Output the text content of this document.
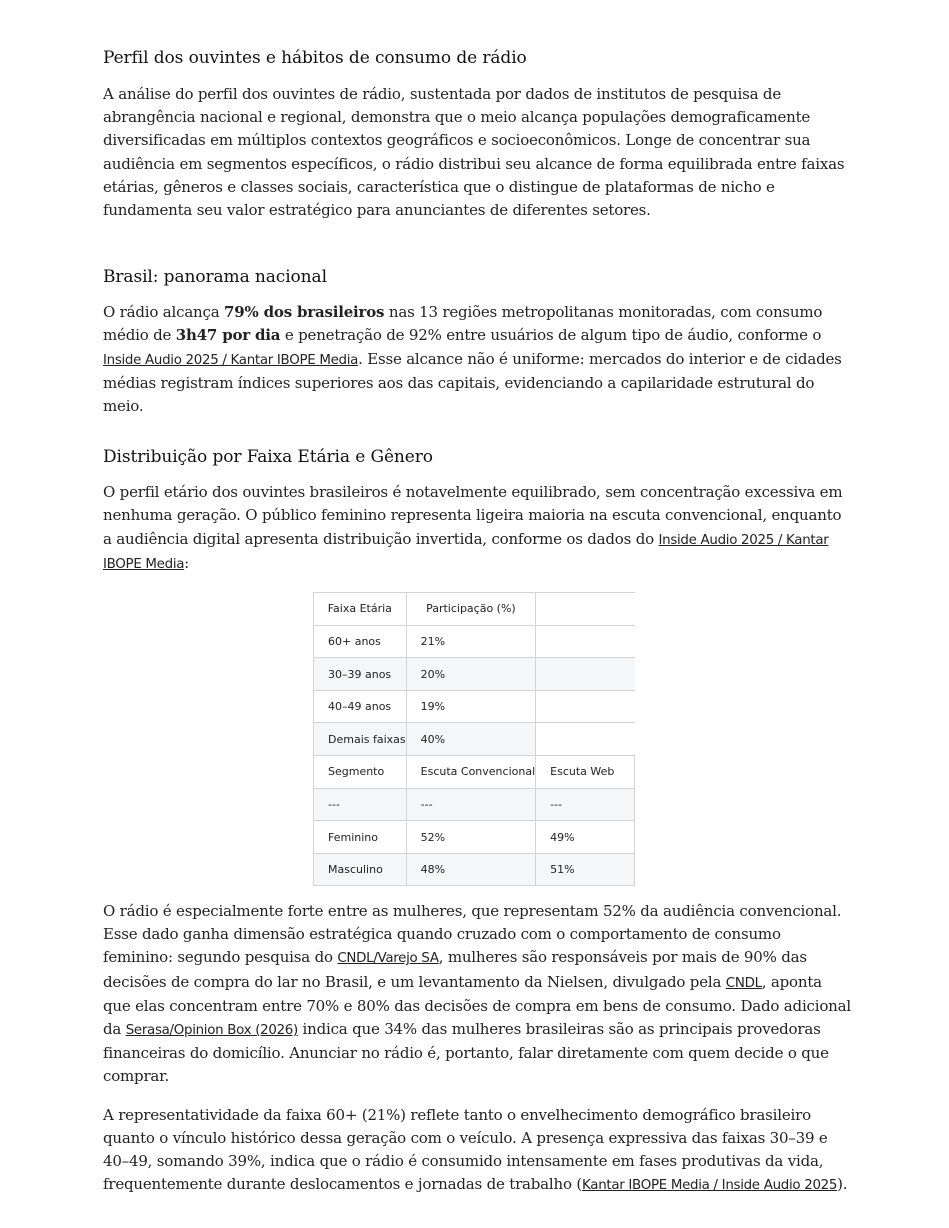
Perfil dos ouvintes e hábitos de consumo de rádio

A análise do perfil dos ouvintes de rádio, sustentada por dados de institutos de pesquisa de abrangência nacional e regional, demonstra que o meio alcança populações demograficamente diversificadas em múltiplos contextos geográficos e socioeconômicos. Longe de concentrar sua audiência em segmentos específicos, o rádio distribui seu alcance de forma equilibrada entre faixas etárias, gêneros e classes sociais, característica que o distingue de plataformas de nicho e fundamenta seu valor estratégico para anunciantes de diferentes setores.

Brasil: panorama nacional

O rádio alcança 79% dos brasileiros nas 13 regiões metropolitanas monitoradas, com consumo médio de 3h47 por dia e penetração de 92% entre usuários de algum tipo de áudio, conforme o Inside Audio 2025 / Kantar IBOPE Media. Esse alcance não é uniforme: mercados do interior e de cidades médias registram índices superiores aos das capitais, evidenciando a capilaridade estrutural do meio.

Distribuição por Faixa Etária e Gênero

O perfil etário dos ouvintes brasileiros é notavelmente equilibrado, sem concentração excessiva em nenhuma geração. O público feminino representa ligeira maioria na escuta convencional, enquanto a audiência digital apresenta distribuição invertida, conforme os dados do Inside Audio 2025 / Kantar IBOPE Media:

Faixa Etária	Participação (%)	
60+ anos	21%	
30–39 anos	20%	
40–49 anos	19%	
Demais faixas	40%	
Segmento	Escuta Convencional	Escuta Web
---	---	---
Feminino	52%	49%
Masculino	48%	51%

O rádio é especialmente forte entre as mulheres, que representam 52% da audiência convencional. Esse dado ganha dimensão estratégica quando cruzado com o comportamento de consumo feminino: segundo pesquisa do CNDL/Varejo SA, mulheres são responsáveis por mais de 90% das decisões de compra do lar no Brasil, e um levantamento da Nielsen, divulgado pela CNDL, aponta que elas concentram entre 70% e 80% das decisões de compra em bens de consumo. Dado adicional da Serasa/Opinion Box (2026) indica que 34% das mulheres brasileiras são as principais provedoras financeiras do domicílio. Anunciar no rádio é, portanto, falar diretamente com quem decide o que comprar.

A representatividade da faixa 60+ (21%) reflete tanto o envelhecimento demográfico brasileiro quanto o vínculo histórico dessa geração com o veículo. A presença expressiva das faixas 30–39 e 40–49, somando 39%, indica que o rádio é consumido intensamente em fases produtivas da vida, frequentemente durante deslocamentos e jornadas de trabalho (Kantar IBOPE Media / Inside Audio 2025).
